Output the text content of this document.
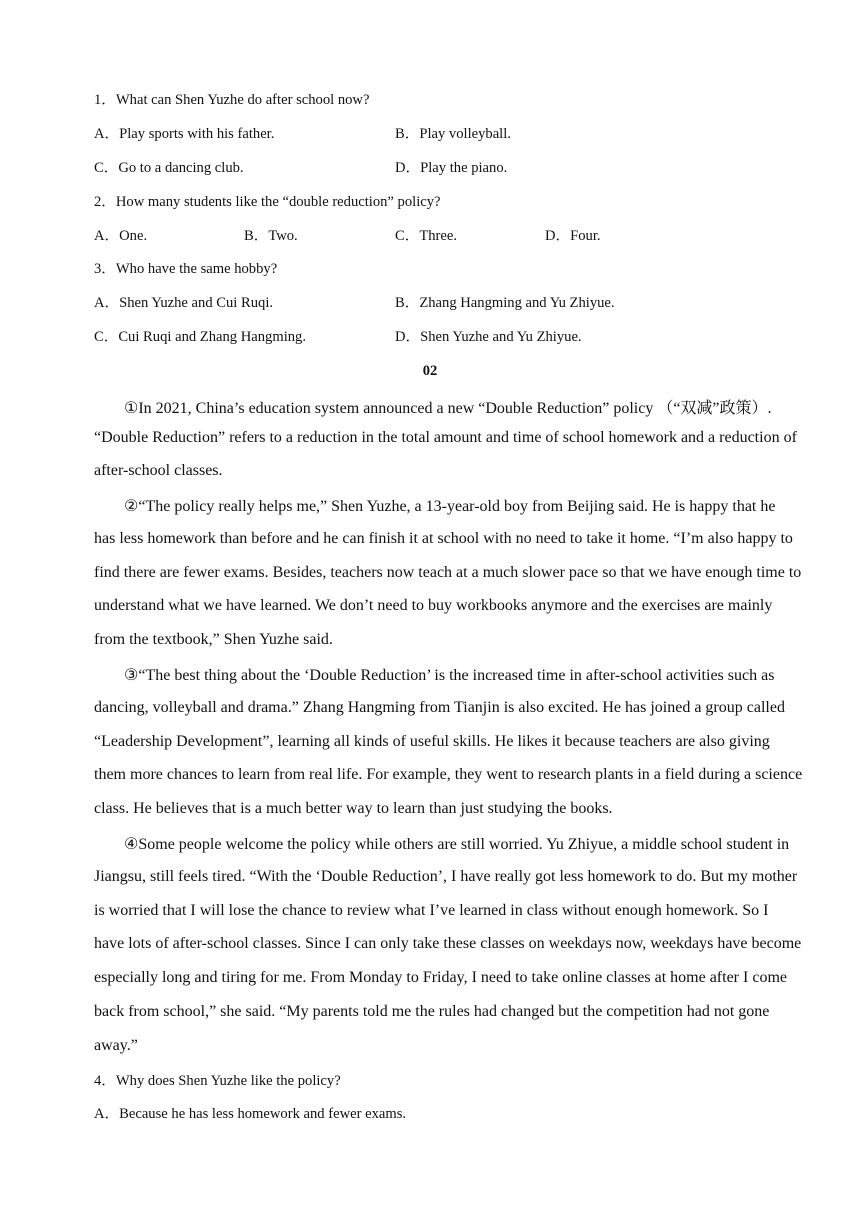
1．What can Shen Yuzhe do after school now?
A．Play sports with his father.	B．Play volleyball.
C．Go to a dancing club.	D．Play the piano.
2．How many students like the “double reduction” policy?
A．One.	B．Two.	C．Three.	D．Four.
3．Who have the same hobby?
A．Shen Yuzhe and Cui Ruqi.	B．Zhang Hangming and Yu Zhiyue.
C．Cui Ruqi and Zhang Hangming.	D．Shen Yuzhe and Yu Zhiyue.
02
①In 2021, China’s education system announced a new “Double Reduction” policy （“双减”政策）.
“Double Reduction” refers to a reduction in the total amount and time of school homework and a reduction of
after-school classes.
②“The policy really helps me,” Shen Yuzhe, a 13-year-old boy from Beijing said. He is happy that he
has less homework than before and he can finish it at school with no need to take it home. “I’m also happy to
find there are fewer exams. Besides, teachers now teach at a much slower pace so that we have enough time to
understand what we have learned. We don’t need to buy workbooks anymore and the exercises are mainly
from the textbook,” Shen Yuzhe said.
③“The best thing about the ‘Double Reduction’ is the increased time in after-school activities such as
dancing, volleyball and drama.” Zhang Hangming from Tianjin is also excited. He has joined a group called
“Leadership Development”, learning all kinds of useful skills. He likes it because teachers are also giving
them more chances to learn from real life. For example, they went to research plants in a field during a science
class. He believes that is a much better way to learn than just studying the books.
④Some people welcome the policy while others are still worried. Yu Zhiyue, a middle school student in
Jiangsu, still feels tired. “With the ‘Double Reduction’, I have really got less homework to do. But my mother
is worried that I will lose the chance to review what I’ve learned in class without enough homework. So I
have lots of after-school classes. Since I can only take these classes on weekdays now, weekdays have become
especially long and tiring for me. From Monday to Friday, I need to take online classes at home after I come
back from school,” she said. “My parents told me the rules had changed but the competition had not gone
away.”
4．Why does Shen Yuzhe like the policy?
A．Because he has less homework and fewer exams.
